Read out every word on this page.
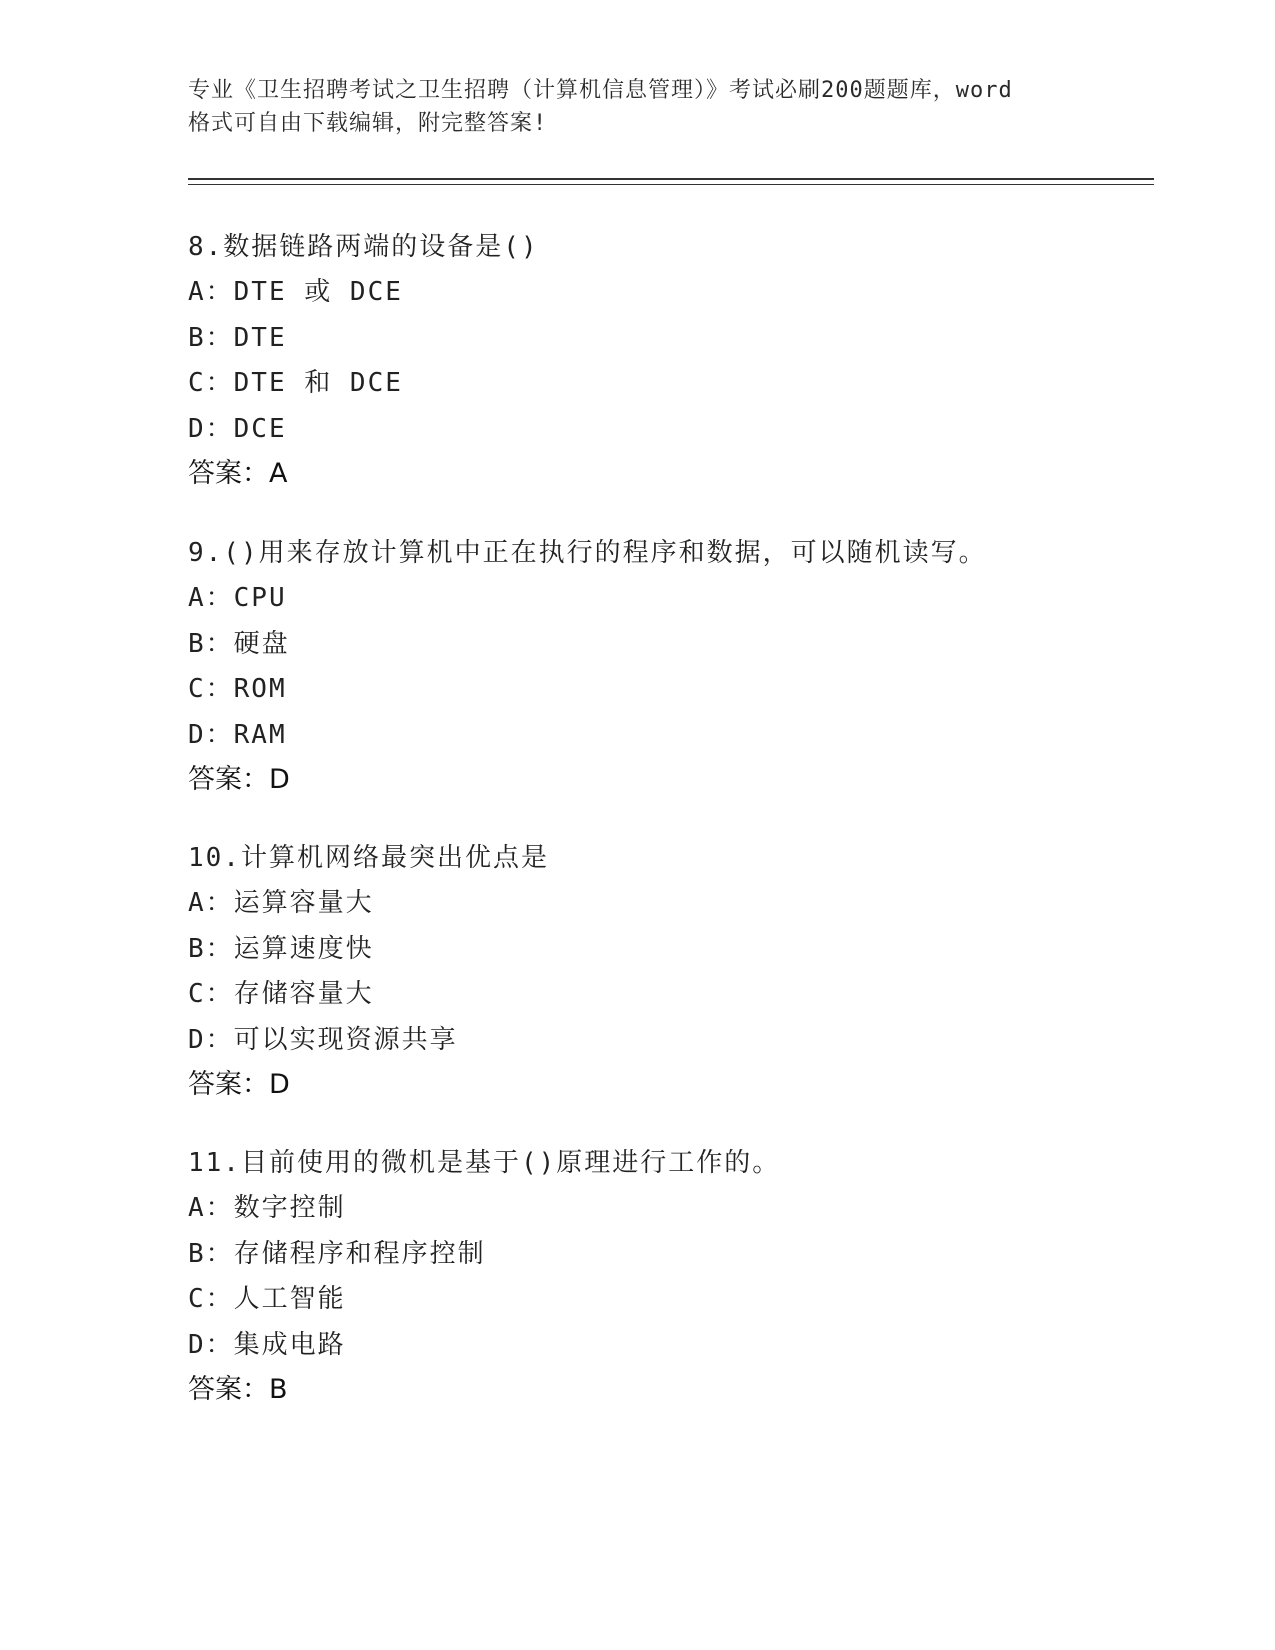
专业《卫生招聘考试之卫生招聘（计算机信息管理）》考试必刷200题题库，word
格式可自由下载编辑，附完整答案!
8.数据链路两端的设备是()
A：DTE 或 DCE
B：DTE
C：DTE 和 DCE
D：DCE
答案：A
9.()用来存放计算机中正在执行的程序和数据，可以随机读写。
A：CPU
B：硬盘
C：ROM
D：RAM
答案：D
10.计算机网络最突出优点是
A：运算容量大
B：运算速度快
C：存储容量大
D：可以实现资源共享
答案：D
11.目前使用的微机是基于()原理进行工作的。
A：数字控制
B：存储程序和程序控制
C：人工智能
D：集成电路
答案：B
